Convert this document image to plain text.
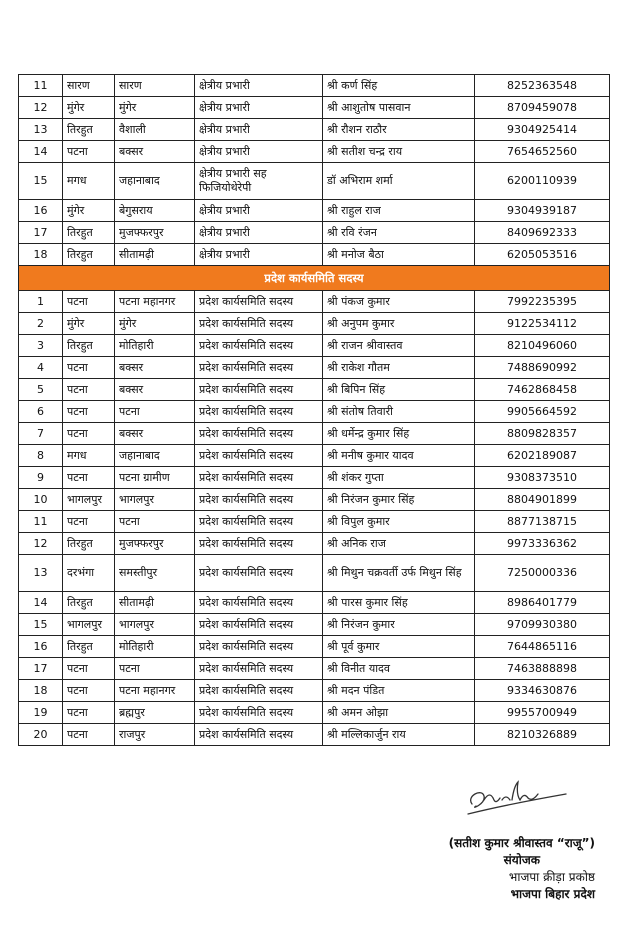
11	सारण	सारण	क्षेत्रीय प्रभारी	श्री कर्ण सिंह	8252363548
12	मुंगेर	मुंगेर	क्षेत्रीय प्रभारी	श्री आशुतोष पासवान	8709459078
13	तिरहुत	वैशाली	क्षेत्रीय प्रभारी	श्री रौशन राठौर	9304925414
14	पटना	बक्सर	क्षेत्रीय प्रभारी	श्री सतीश चन्द्र राय	7654652560
15	मगध	जहानाबाद	क्षेत्रीय प्रभारी सह फिजियोथेरेपी	डॉ अभिराम शर्मा	6200110939
16	मुंगेर	बेगुसराय	क्षेत्रीय प्रभारी	श्री राहुल राज	9304939187
17	तिरहुत	मुजफ्फरपुर	क्षेत्रीय प्रभारी	श्री रवि रंजन	8409692333
18	तिरहुत	सीतामढ़ी	क्षेत्रीय प्रभारी	श्री मनोज बैठा	6205053516
प्रदेश कार्यसमिति सदस्य					
1	पटना	पटना महानगर	प्रदेश कार्यसमिति सदस्य	श्री पंकज कुमार	7992235395
2	मुंगेर	मुंगेर	प्रदेश कार्यसमिति सदस्य	श्री अनुपम कुमार	9122534112
3	तिरहुत	मोतिहारी	प्रदेश कार्यसमिति सदस्य	श्री राजन श्रीवास्तव	8210496060
4	पटना	बक्सर	प्रदेश कार्यसमिति सदस्य	श्री राकेश गौतम	7488690992
5	पटना	बक्सर	प्रदेश कार्यसमिति सदस्य	श्री बिपिन सिंह	7462868458
6	पटना	पटना	प्रदेश कार्यसमिति सदस्य	श्री संतोष तिवारी	9905664592
7	पटना	बक्सर	प्रदेश कार्यसमिति सदस्य	श्री धर्मेन्द्र कुमार सिंह	8809828357
8	मगध	जहानाबाद	प्रदेश कार्यसमिति सदस्य	श्री मनीष कुमार यादव	6202189087
9	पटना	पटना ग्रामीण	प्रदेश कार्यसमिति सदस्य	श्री शंकर गुप्ता	9308373510
10	भागलपुर	भागलपुर	प्रदेश कार्यसमिति सदस्य	श्री निरंजन कुमार सिंह	8804901899
11	पटना	पटना	प्रदेश कार्यसमिति सदस्य	श्री विपुल कुमार	8877138715
12	तिरहुत	मुजफ्फरपुर	प्रदेश कार्यसमिति सदस्य	श्री अनिक राज	9973336362
13	दरभंगा	समस्तीपुर	प्रदेश कार्यसमिति सदस्य	श्री मिथुन चक्रवर्ती उर्फ मिथुन सिंह	7250000336
14	तिरहुत	सीतामढ़ी	प्रदेश कार्यसमिति सदस्य	श्री पारस कुमार सिंह	8986401779
15	भागलपुर	भागलपुर	प्रदेश कार्यसमिति सदस्य	श्री निरंजन कुमार	9709930380
16	तिरहुत	मोतिहारी	प्रदेश कार्यसमिति सदस्य	श्री पूर्व कुमार	7644865116
17	पटना	पटना	प्रदेश कार्यसमिति सदस्य	श्री विनीत यादव	7463888898
18	पटना	पटना महानगर	प्रदेश कार्यसमिति सदस्य	श्री मदन पंडित	9334630876
19	पटना	ब्रह्मपुर	प्रदेश कार्यसमिति सदस्य	श्री अमन ओझा	9955700949
20	पटना	राजपुर	प्रदेश कार्यसमिति सदस्य	श्री मल्लिकार्जुन राय	8210326889
(सतीश कुमार श्रीवास्तव “राजू”)
संयोजक
भाजपा क्रीड़ा प्रकोष्ठ
भाजपा बिहार प्रदेश
